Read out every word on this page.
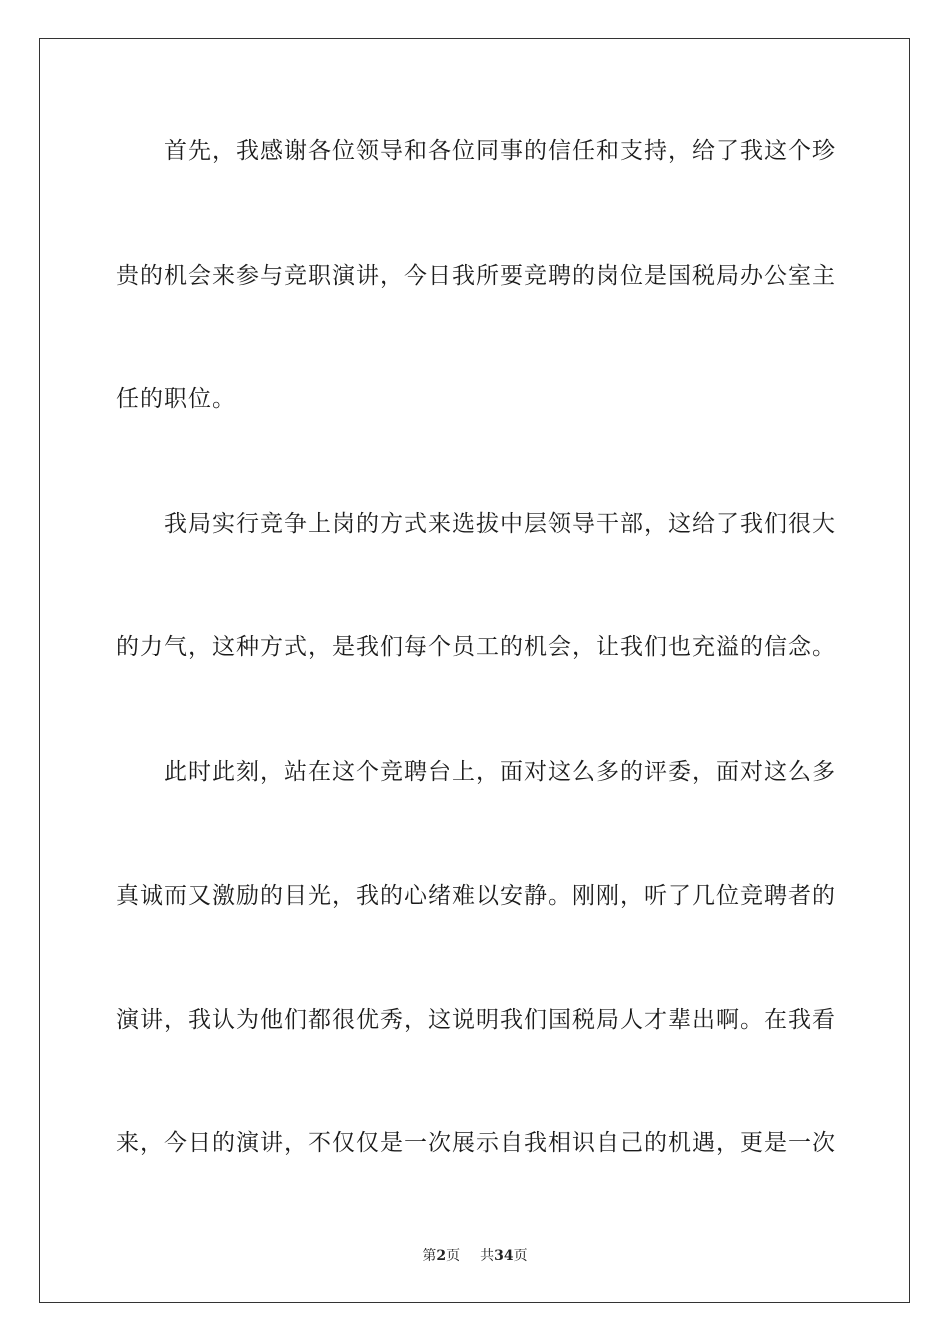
首先，我感谢各位领导和各位同事的信任和支持，给了我这个珍
贵的机会来参与竞职演讲，今日我所要竞聘的岗位是国税局办公室主
任的职位。
我局实行竞争上岗的方式来选拔中层领导干部，这给了我们很大
的力气，这种方式，是我们每个员工的机会，让我们也充溢的信念。
此时此刻，站在这个竞聘台上，面对这么多的评委，面对这么多
真诚而又激励的目光，我的心绪难以安静。刚刚，听了几位竞聘者的
演讲，我认为他们都很优秀，这说明我们国税局人才辈出啊。在我看
来，今日的演讲，不仅仅是一次展示自我相识自己的机遇，更是一次
第2页 共34页
